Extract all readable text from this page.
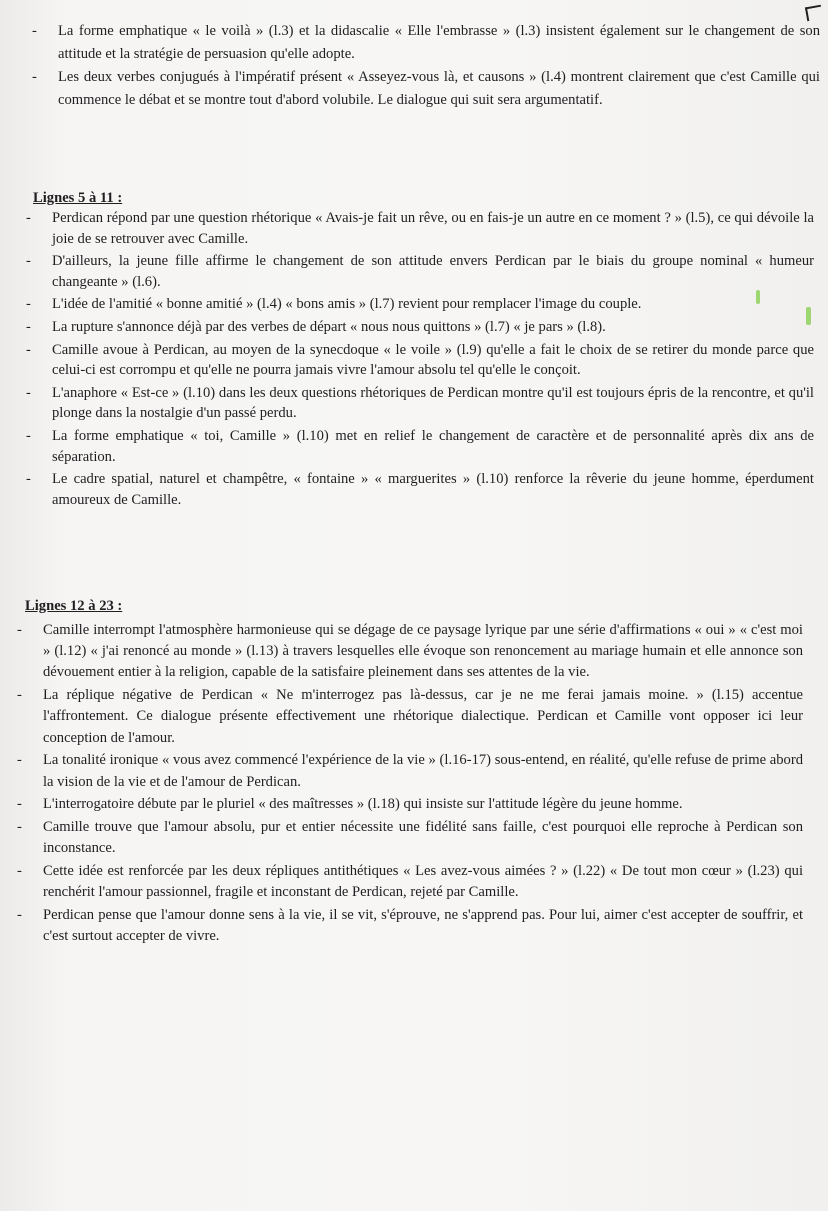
- La forme emphatique « le voilà » (l.3) et la didascalie « Elle l'embrasse » (l.3) insistent également sur le changement de son attitude et la stratégie de persuasion qu'elle adopte.
- Les deux verbes conjugués à l'impératif présent « Asseyez-vous là, et causons » (l.4) montrent clairement que c'est Camille qui commence le débat et se montre tout d'abord volubile. Le dialogue qui suit sera argumentatif.
Lignes 5 à 11 :
- Perdican répond par une question rhétorique « Avais-je fait un rêve, ou en fais-je un autre en ce moment ? » (l.5), ce qui dévoile la joie de se retrouver avec Camille.
- D'ailleurs, la jeune fille affirme le changement de son attitude envers Perdican par le biais du groupe nominal « humeur changeante » (l.6).
- L'idée de l'amitié « bonne amitié » (l.4) « bons amis » (l.7) revient pour remplacer l'image du couple.
- La rupture s'annonce déjà par des verbes de départ « nous nous quittons » (l.7) « je pars » (l.8).
- Camille avoue à Perdican, au moyen de la synecdoque « le voile » (l.9) qu'elle a fait le choix de se retirer du monde parce que celui-ci est corrompu et qu'elle ne pourra jamais vivre l'amour absolu tel qu'elle le conçoit.
- L'anaphore « Est-ce » (l.10) dans les deux questions rhétoriques de Perdican montre qu'il est toujours épris de la rencontre, et qu'il plonge dans la nostalgie d'un passé perdu.
- La forme emphatique « toi, Camille » (l.10) met en relief le changement de caractère et de personnalité après dix ans de séparation.
- Le cadre spatial, naturel et champêtre, « fontaine » « marguerites » (l.10) renforce la rêverie du jeune homme, éperdument amoureux de Camille.
Lignes 12 à 23 :
- Camille interrompt l'atmosphère harmonieuse qui se dégage de ce paysage lyrique par une série d'affirmations « oui » « c'est moi » (l.12) « j'ai renoncé au monde » (l.13) à travers lesquelles elle évoque son renoncement au mariage humain et elle annonce son dévouement entier à la religion, capable de la satisfaire pleinement dans ses attentes de la vie.
- La réplique négative de Perdican « Ne m'interrogez pas là-dessus, car je ne me ferai jamais moine. » (l.15) accentue l'affrontement. Ce dialogue présente effectivement une rhétorique dialectique. Perdican et Camille vont opposer ici leur conception de l'amour.
- La tonalité ironique « vous avez commencé l'expérience de la vie » (l.16-17) sous-entend, en réalité, qu'elle refuse de prime abord la vision de la vie et de l'amour de Perdican.
- L'interrogatoire débute par le pluriel « des maîtresses » (l.18) qui insiste sur l'attitude légère du jeune homme.
- Camille trouve que l'amour absolu, pur et entier nécessite une fidélité sans faille, c'est pourquoi elle reproche à Perdican son inconstance.
- Cette idée est renforcée par les deux répliques antithétiques « Les avez-vous aimées ? » (l.22) « De tout mon cœur » (l.23) qui renchérit l'amour passionnel, fragile et inconstant de Perdican, rejeté par Camille.
- Perdican pense que l'amour donne sens à la vie, il se vit, s'éprouve, ne s'apprend pas. Pour lui, aimer c'est accepter de souffrir, et c'est surtout accepter de vivre.
